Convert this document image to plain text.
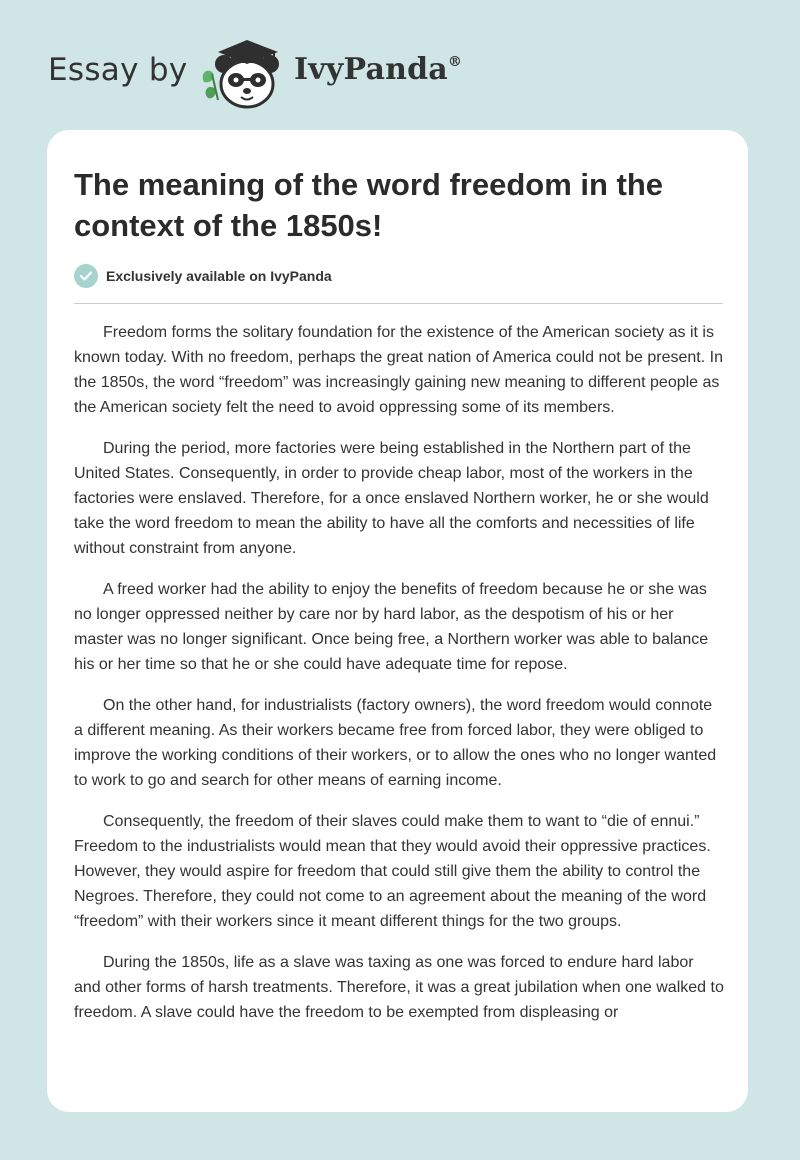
Essay by	IvyPanda®
The meaning of the word freedom in the context of the 1850s!
Exclusively available on IvyPanda

Freedom forms the solitary foundation for the existence of the American society as it is known today. With no freedom, perhaps the great nation of America could not be present. In the 1850s, the word “freedom” was increasingly gaining new meaning to different people as the American society felt the need to avoid oppressing some of its members.

During the period, more factories were being established in the Northern part of the United States. Consequently, in order to provide cheap labor, most of the workers in the factories were enslaved. Therefore, for a once enslaved Northern worker, he or she would take the word freedom to mean the ability to have all the comforts and necessities of life without constraint from anyone.

A freed worker had the ability to enjoy the benefits of freedom because he or she was no longer oppressed neither by care nor by hard labor, as the despotism of his or her master was no longer significant. Once being free, a Northern worker was able to balance his or her time so that he or she could have adequate time for repose.

On the other hand, for industrialists (factory owners), the word freedom would connote a different meaning. As their workers became free from forced labor, they were obliged to improve the working conditions of their workers, or to allow the ones who no longer wanted to work to go and search for other means of earning income.

Consequently, the freedom of their slaves could make them to want to “die of ennui.” Freedom to the industrialists would mean that they would avoid their oppressive practices. However, they would aspire for freedom that could still give them the ability to control the Negroes. Therefore, they could not come to an agreement about the meaning of the word “freedom” with their workers since it meant different things for the two groups.

During the 1850s, life as a slave was taxing as one was forced to endure hard labor and other forms of harsh treatments. Therefore, it was a great jubilation when one walked to freedom. A slave could have the freedom to be exempted from displeasing or
